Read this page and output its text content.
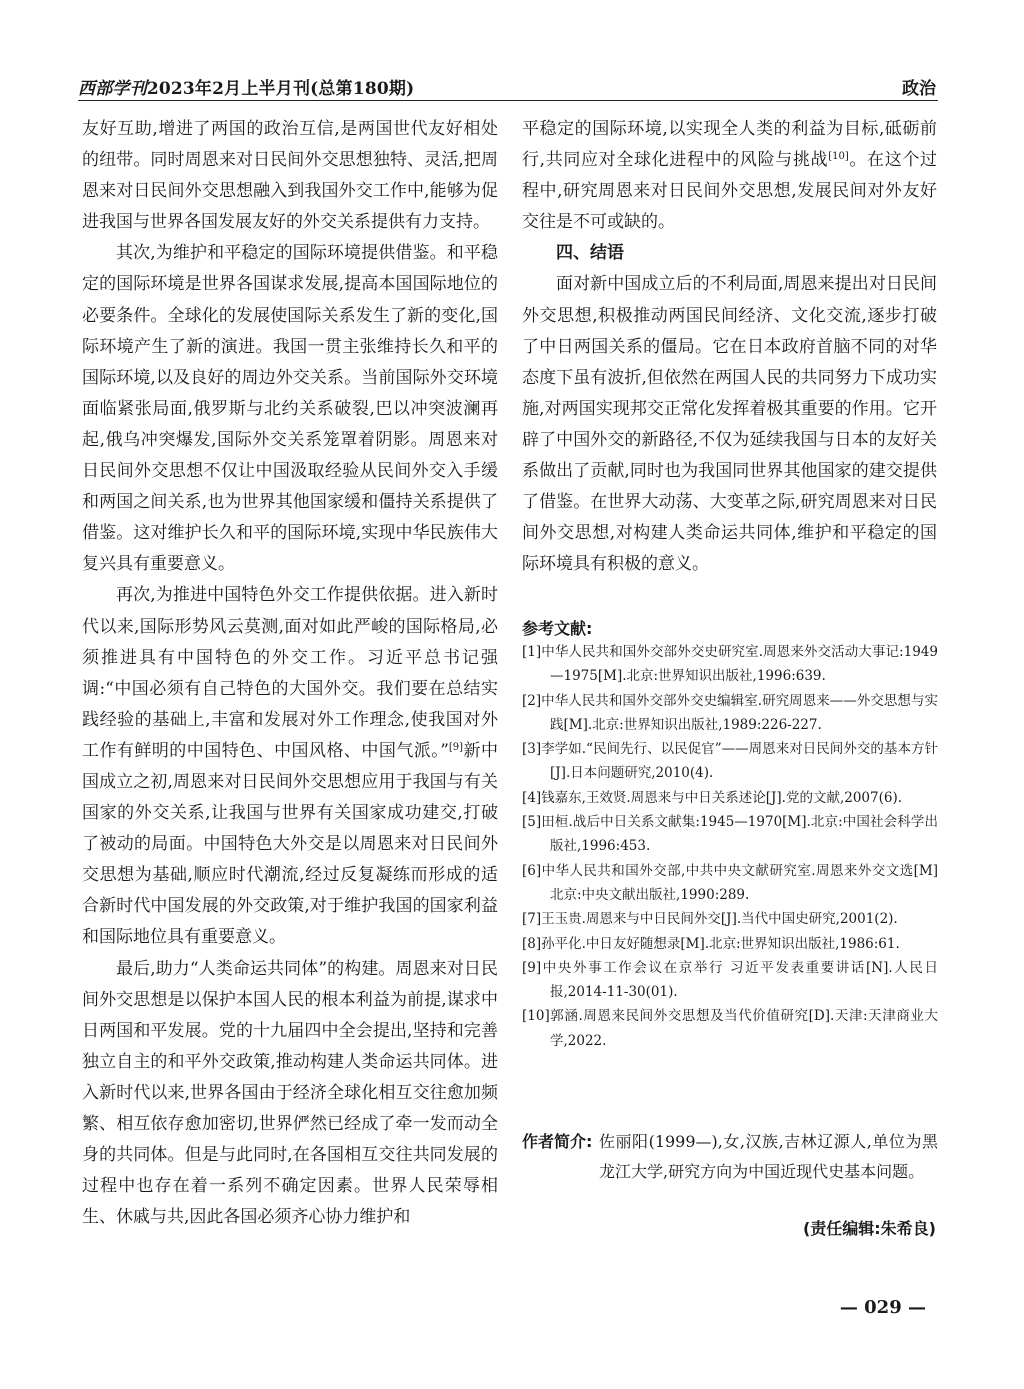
西部学刊2023年2月上半月刊(总第180期)	政治

友好互助,增进了两国的政治互信,是两国世代友好相处的纽带。同时周恩来对日民间外交思想独特、灵活,把周恩来对日民间外交思想融入到我国外交工作中,能够为促进我国与世界各国发展友好的外交关系提供有力支持。

其次,为维护和平稳定的国际环境提供借鉴。和平稳定的国际环境是世界各国谋求发展,提高本国国际地位的必要条件。全球化的发展使国际关系发生了新的变化,国际环境产生了新的演进。我国一贯主张维持长久和平的国际环境,以及良好的周边外交关系。当前国际外交环境面临紧张局面,俄罗斯与北约关系破裂,巴以冲突波澜再起,俄乌冲突爆发,国际外交关系笼罩着阴影。周恩来对日民间外交思想不仅让中国汲取经验从民间外交入手缓和两国之间关系,也为世界其他国家缓和僵持关系提供了借鉴。这对维护长久和平的国际环境,实现中华民族伟大复兴具有重要意义。

再次,为推进中国特色外交工作提供依据。进入新时代以来,国际形势风云莫测,面对如此严峻的国际格局,必须推进具有中国特色的外交工作。习近平总书记强调:“中国必须有自己特色的大国外交。我们要在总结实践经验的基础上,丰富和发展对外工作理念,使我国对外工作有鲜明的中国特色、中国风格、中国气派。”[9]新中国成立之初,周恩来对日民间外交思想应用于我国与有关国家的外交关系,让我国与世界有关国家成功建交,打破了被动的局面。中国特色大外交是以周恩来对日民间外交思想为基础,顺应时代潮流,经过反复凝练而形成的适合新时代中国发展的外交政策,对于维护我国的国家利益和国际地位具有重要意义。

最后,助力“人类命运共同体”的构建。周恩来对日民间外交思想是以保护本国人民的根本利益为前提,谋求中日两国和平发展。党的十九届四中全会提出,坚持和完善独立自主的和平外交政策,推动构建人类命运共同体。进入新时代以来,世界各国由于经济全球化相互交往愈加频繁、相互依存愈加密切,世界俨然已经成了牵一发而动全身的共同体。但是与此同时,在各国相互交往共同发展的过程中也存在着一系列不确定因素。世界人民荣辱相生、休戚与共,因此各国必须齐心协力维护和

平稳定的国际环境,以实现全人类的利益为目标,砥砺前行,共同应对全球化进程中的风险与挑战[10]。在这个过程中,研究周恩来对日民间外交思想,发展民间对外友好交往是不可或缺的。

四、结语

面对新中国成立后的不利局面,周恩来提出对日民间外交思想,积极推动两国民间经济、文化交流,逐步打破了中日两国关系的僵局。它在日本政府首脑不同的对华态度下虽有波折,但依然在两国人民的共同努力下成功实施,对两国实现邦交正常化发挥着极其重要的作用。它开辟了中国外交的新路径,不仅为延续我国与日本的友好关系做出了贡献,同时也为我国同世界其他国家的建交提供了借鉴。在世界大动荡、大变革之际,研究周恩来对日民间外交思想,对构建人类命运共同体,维护和平稳定的国际环境具有积极的意义。

参考文献:

[1]中华人民共和国外交部外交史研究室.周恩来外交活动大事记:1949—1975[M].北京:世界知识出版社,1996:639.

[2]中华人民共和国外交部外交史编辑室.研究周恩来——外交思想与实践[M].北京:世界知识出版社,1989:226-227.

[3]李学如.“民间先行、以民促官”——周恩来对日民间外交的基本方针[J].日本问题研究,2010(4).

[4]钱嘉东,王效贤.周恩来与中日关系述论[J].党的文献,2007(6).

[5]田桓.战后中日关系文献集:1945—1970[M].北京:中国社会科学出版社,1996:453.

[6]中华人民共和国外交部,中共中央文献研究室.周恩来外交文选[M]北京:中央文献出版社,1990:289.

[7]王玉贵.周恩来与中日民间外交[J].当代中国史研究,2001(2).

[8]孙平化.中日友好随想录[M].北京:世界知识出版社,1986:61.

[9]中央外事工作会议在京举行 习近平发表重要讲话[N].人民日报,2014-11-30(01).

[10]郭涵.周恩来民间外交思想及当代价值研究[D].天津:天津商业大学,2022.

作者简介: 佐丽阳(1999—),女,汉族,吉林辽源人,单位为黑龙江大学,研究方向为中国近现代史基本问题。
(责任编辑:朱希良)
— 029 —
